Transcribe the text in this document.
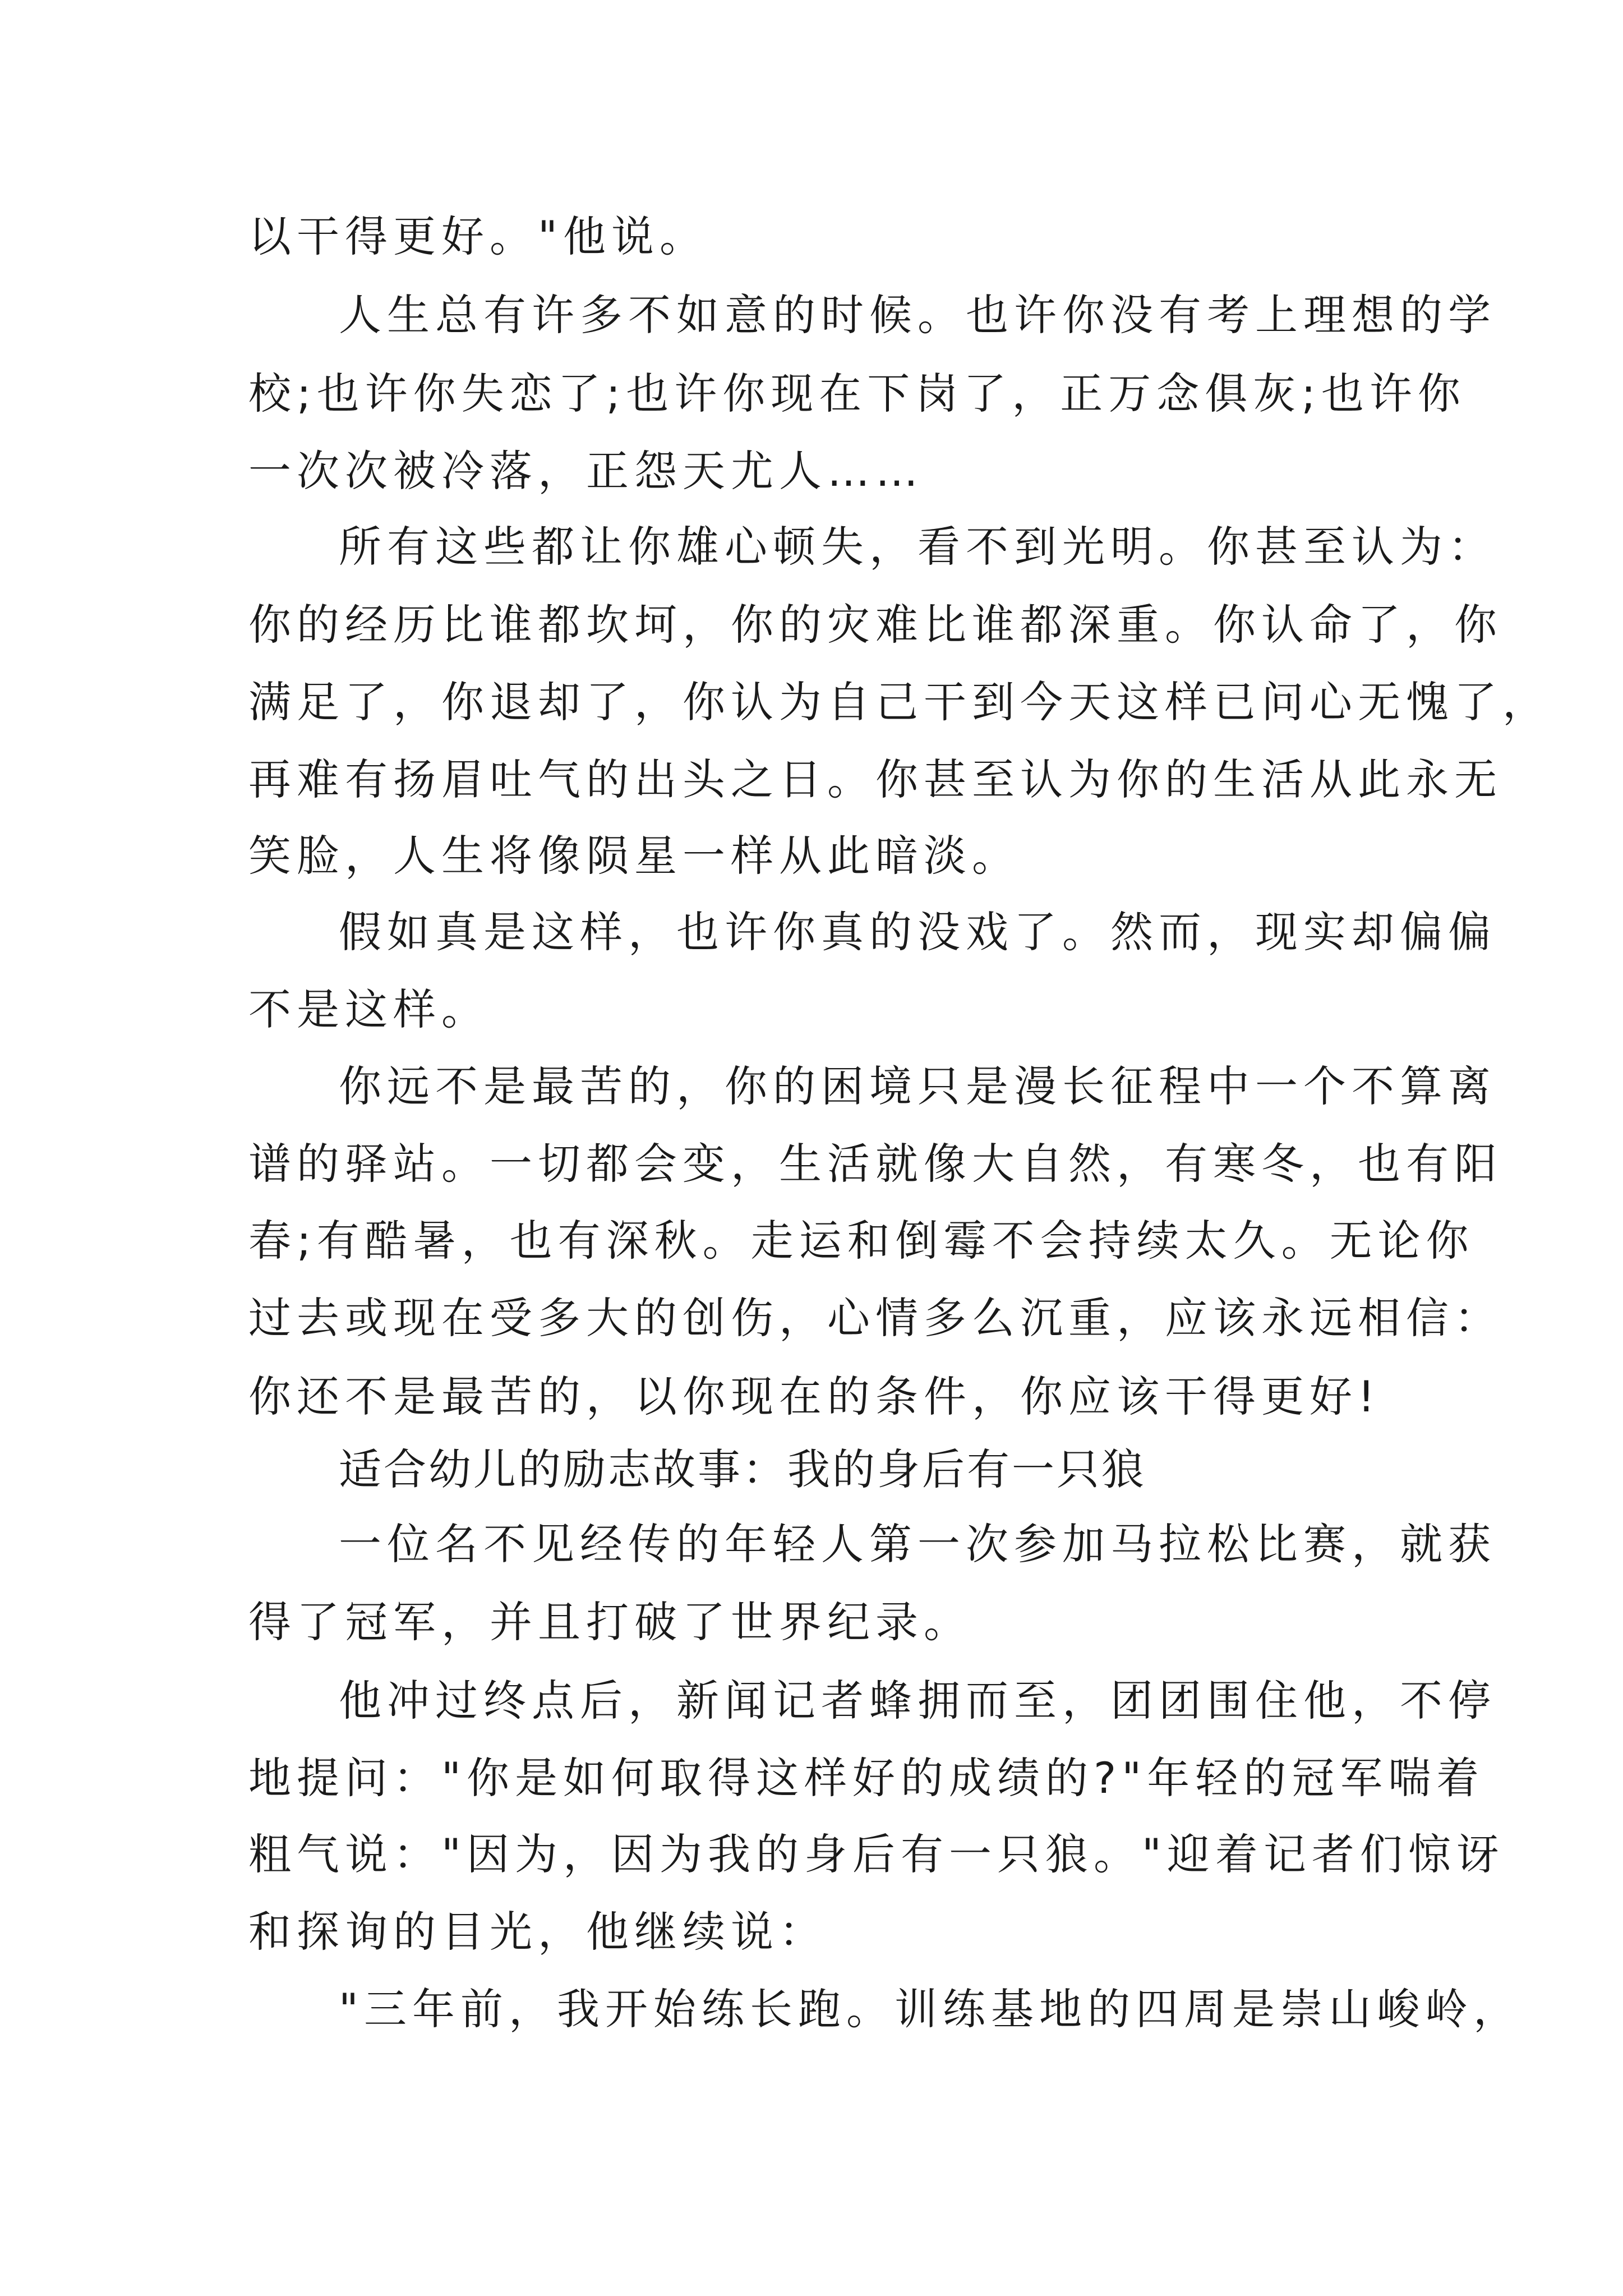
以干得更好。"他说。
人生总有许多不如意的时候。也许你没有考上理想的学
校;也许你失恋了;也许你现在下岗了，正万念俱灰;也许你
一次次被冷落，正怨天尤人……
所有这些都让你雄心顿失，看不到光明。你甚至认为：
你的经历比谁都坎坷，你的灾难比谁都深重。你认命了，你
满足了，你退却了，你认为自己干到今天这样已问心无愧了，
再难有扬眉吐气的出头之日。你甚至认为你的生活从此永无
笑脸，人生将像陨星一样从此暗淡。
假如真是这样，也许你真的没戏了。然而，现实却偏偏
不是这样。
你远不是最苦的，你的困境只是漫长征程中一个不算离
谱的驿站。一切都会变，生活就像大自然，有寒冬，也有阳
春;有酷暑，也有深秋。走运和倒霉不会持续太久。无论你
过去或现在受多大的创伤，心情多么沉重，应该永远相信：
你还不是最苦的，以你现在的条件，你应该干得更好!
适合幼儿的励志故事：我的身后有一只狼
一位名不见经传的年轻人第一次参加马拉松比赛，就获
得了冠军，并且打破了世界纪录。
他冲过终点后，新闻记者蜂拥而至，团团围住他，不停
地提问："你是如何取得这样好的成绩的?"年轻的冠军喘着
粗气说："因为，因为我的身后有一只狼。"迎着记者们惊讶
和探询的目光，他继续说：
"三年前，我开始练长跑。训练基地的四周是崇山峻岭，
